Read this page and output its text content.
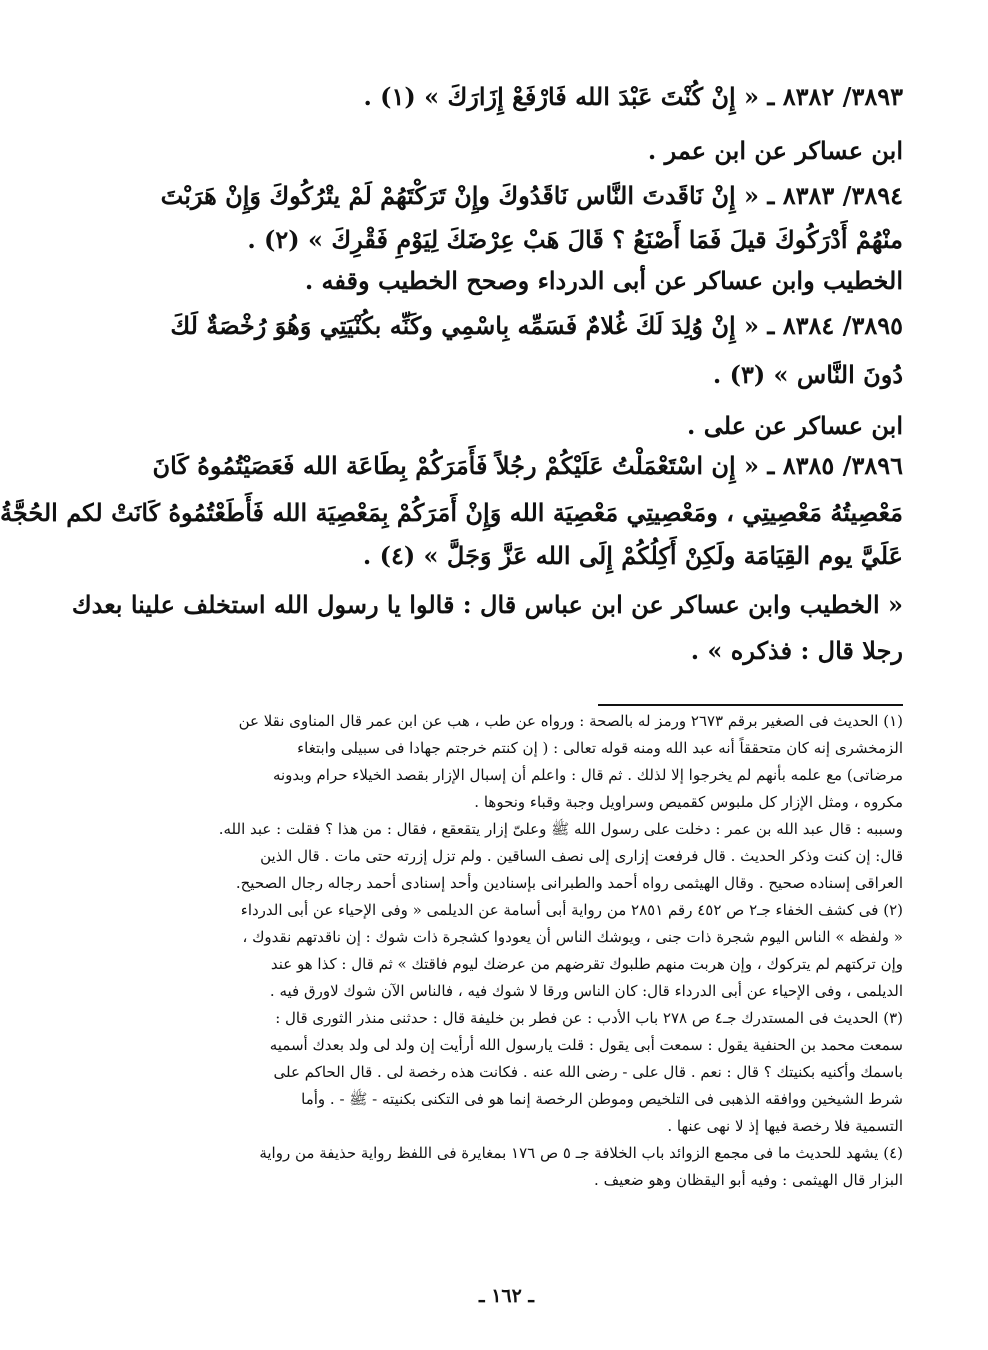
٣٨٩٣/ ٨٣٨٢ ـ « إِنْ كُنْتَ عَبْدَ الله فَارْفَعْ إِزَارَكَ » (١) .
ابن عساكر عن ابن عمر .
٣٨٩٤/ ٨٣٨٣ ـ « إِنْ نَاقَدتَ النَّاس نَاقَدُوكَ وإِنْ تَرَكْتَهُمْ لَمْ يتْرُكُوكَ وَإِنْ هَرَبْتَ
منْهُمْ أَدْرَكُوكَ قيلَ فَمَا أَصْنَعُ ؟ قَالَ هَبْ عِرْضَكَ لِيَوْمِ فَقْرِكَ » (٢) .
الخطيب وابن عساكر عن أبى الدرداء وصحح الخطيب وقفه .
٣٨٩٥/ ٨٣٨٤ ـ « إِنْ وُلِدَ لَكَ غُلامٌ فَسَمِّه بِاسْمِي وكَنِّه بكُنْيَتِي وَهُوَ رُخْصَةٌ لَكَ
دُونَ النَّاس » (٣) .
ابن عساكر عن على .
٣٨٩٦/ ٨٣٨٥ ـ « إِن اسْتَعْمَلْتُ عَلَيْكُمْ رجُلاً فَأَمَرَكُمْ بِطَاعَة الله فَعَصَيْتُمُوهُ كَانَ
مَعْصِيتُهُ مَعْصِيتِي ، ومَعْصِيتِي مَعْصِيَة الله وَإِنْ أَمَرَكُمْ بِمَعْصِيَة الله فَأَطَعْتُمُوهُ كَانَتْ لكم الحُجَّةُ
عَلَيَّ يوم القِيَامَة ولَكِنْ أَكِلُكُمْ إِلَى الله عَزَّ وَجَلَّ » (٤) .
« الخطيب وابن عساكر عن ابن عباس قال : قالوا يا رسول الله استخلف علينا بعدك
رجلا قال : فذكره » .
(١) الحديث فى الصغير برقم ٢٦٧٣ ورمز له بالصحة : ورواه عن طب ، هب عن ابن عمر قال المناوى نقلا عن
الزمخشرى إنه كان متحققاً أنه عبد الله ومنه قوله تعالى : ( إن كنتم خرجتم جهادا فى سبيلى وابتغاء
مرضاتى) مع علمه بأنهم لم يخرجوا إلا لذلك . ثم قال : واعلم أن إسبال الإزار بقصد الخيلاء حرام وبدونه
مكروه ، ومثل الإزار كل ملبوس كقميص وسراويل وجبة وقباء ونحوها .
وسببه : قال عبد الله بن عمر : دخلت على رسول الله ﷺ وعلىّ إزار يتقعقع ، فقال : من هذا ؟ فقلت : عبد الله.
قال: إن كنت وذكر الحديث . قال فرفعت إزارى إلى نصف الساقين . ولم تزل إزرته حتى مات . قال الذين
العراقى إسناده صحيح . وقال الهيثمى رواه أحمد والطبرانى بإسنادين وأحد إسنادى أحمد رجاله رجال الصحيح.
(٢) فى كشف الخفاء جـ٢ ص ٤٥٢ رقم ٢٨٥١ من رواية أبى أسامة عن الديلمى « وفى الإحياء عن أبى الدرداء
« ولفظه » الناس اليوم شجرة ذات جنى ، ويوشك الناس أن يعودوا كشجرة ذات شوك : إن ناقدتهم نقدوك ،
وإن تركتهم لم يتركوك ، وإن هربت منهم طلبوك تقرضهم من عرضك ليوم فاقتك » ثم قال : كذا هو عند
الديلمى ، وفى الإحياء عن أبى الدرداء قال: كان الناس ورقا لا شوك فيه ، فالناس الآن شوك لاورق فيه .
(٣) الحديث فى المستدرك جـ٤ ص ٢٧٨ باب الأدب : عن فطر بن خليفة قال : حدثنى منذر الثورى قال :
سمعت محمد بن الحنفية يقول : سمعت أبى يقول : قلت يارسول الله أرأيت إن ولد لى ولد بعدك أسميه
باسمك وأكنيه بكنيتك ؟ قال : نعم . قال على - رضى الله عنه . فكانت هذه رخصة لى . قال الحاكم على
شرط الشيخين ووافقه الذهبى فى التلخيص وموطن الرخصة إنما هو فى التكنى بكنيته - ﷺ - . وأما
التسمية فلا رخصة فيها إذ لا نهى عنها .
(٤) يشهد للحديث ما فى مجمع الزوائد باب الخلافة جـ ٥ ص ١٧٦ بمغايرة فى اللفظ رواية حذيفة من رواية
البزار قال الهيثمى : وفيه أبو اليقظان وهو ضعيف .
ـ ١٦٢ ـ
